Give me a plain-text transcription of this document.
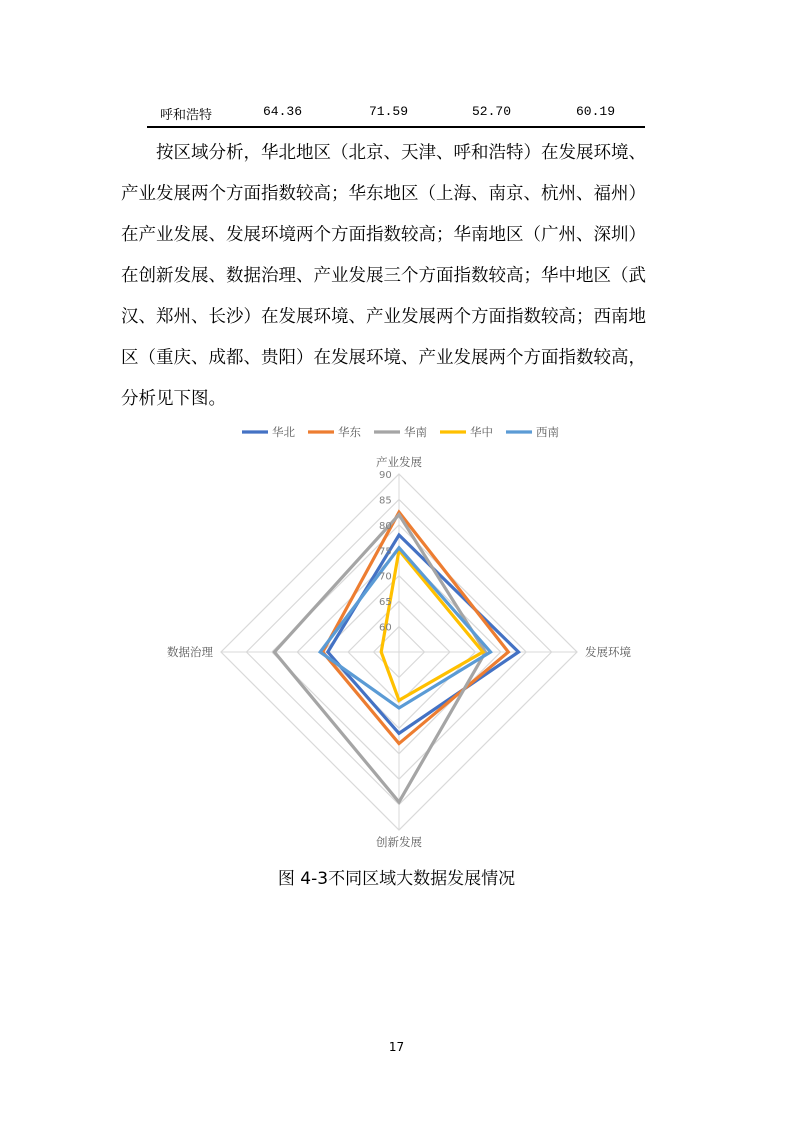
呼和浩特	64.36	71.59	52.70	60.19

按区域分析，华北地区（北京、天津、呼和浩特）在发展环境、
产业发展两个方面指数较高；华东地区（上海、南京、杭州、福州）
在产业发展、发展环境两个方面指数较高；华南地区（广州、深圳）
在创新发展、数据治理、产业发展三个方面指数较高；华中地区（武
汉、郑州、长沙）在发展环境、产业发展两个方面指数较高；西南地
区（重庆、成都、贵阳）在发展环境、产业发展两个方面指数较高，
分析见下图。

60
65
70
75
80
85
90
产业发展
发展环境
创新发展
数据治理
华北	华东	华南	华中	西南
图 4-3不同区域大数据发展情况
17
